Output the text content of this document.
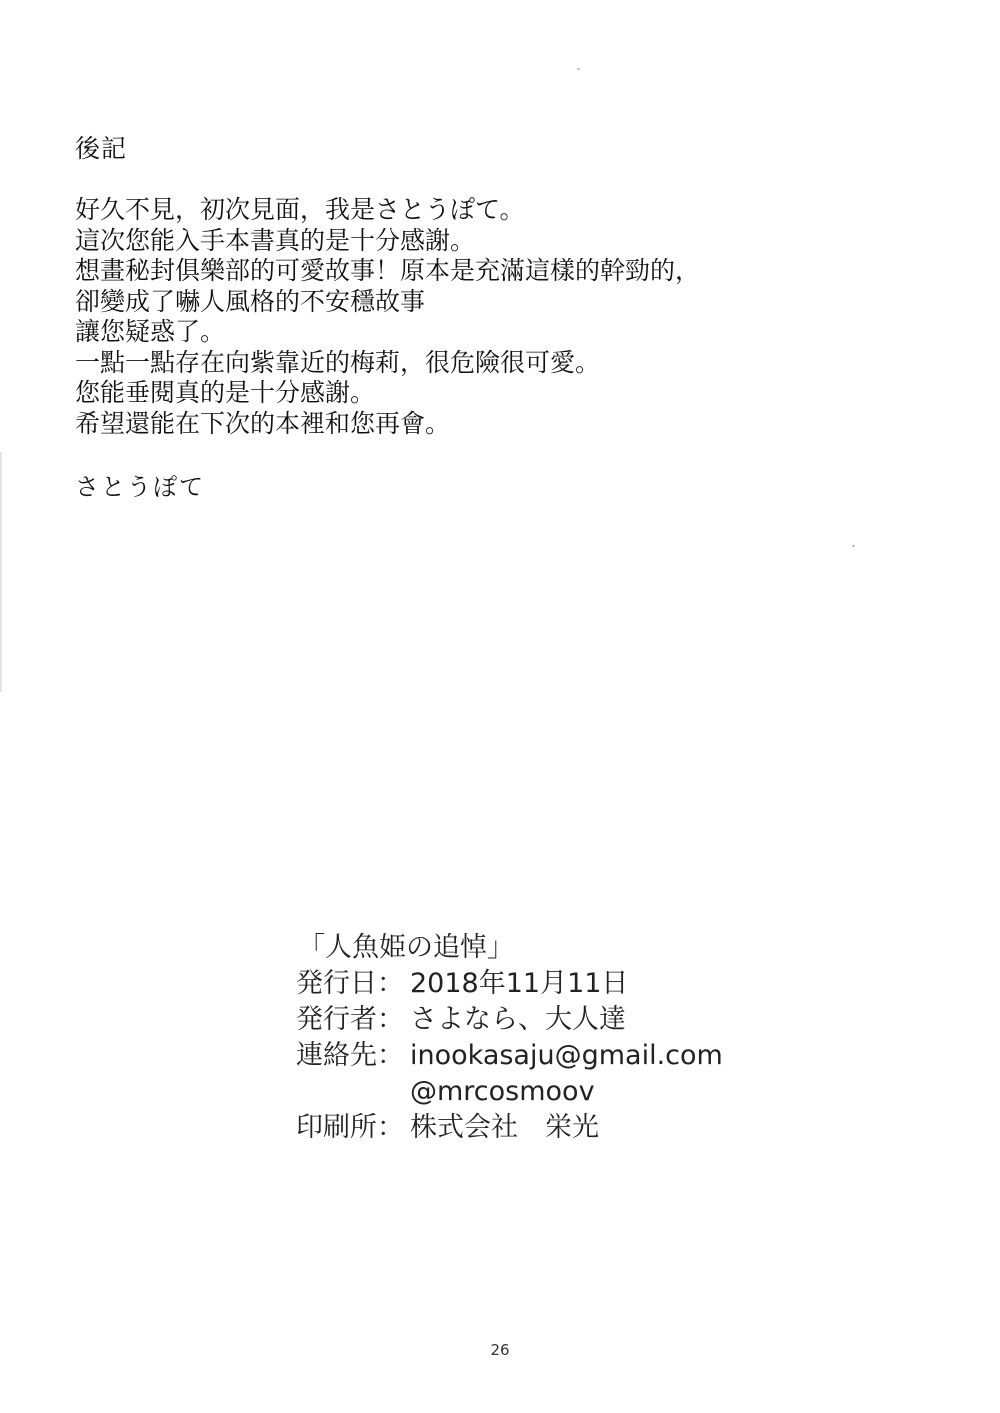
後記
好久不見，初次見面，我是さとうぽて。
這次您能入手本書真的是十分感謝。
想畫秘封俱樂部的可愛故事！原本是充滿這樣的幹勁的，
卻變成了嚇人風格的不安穩故事
讓您疑惑了。
一點一點存在向紫靠近的梅莉，很危險很可愛。
您能垂閱真的是十分感謝。
希望還能在下次的本裡和您再會。
さとうぽて
「人魚姫の追悼」
発行日： 2018年11月11日
発行者： さよなら、大人達
連絡先： inookasaju@gmail.com
@mrcosmoov
印刷所： 株式会社　栄光
26
